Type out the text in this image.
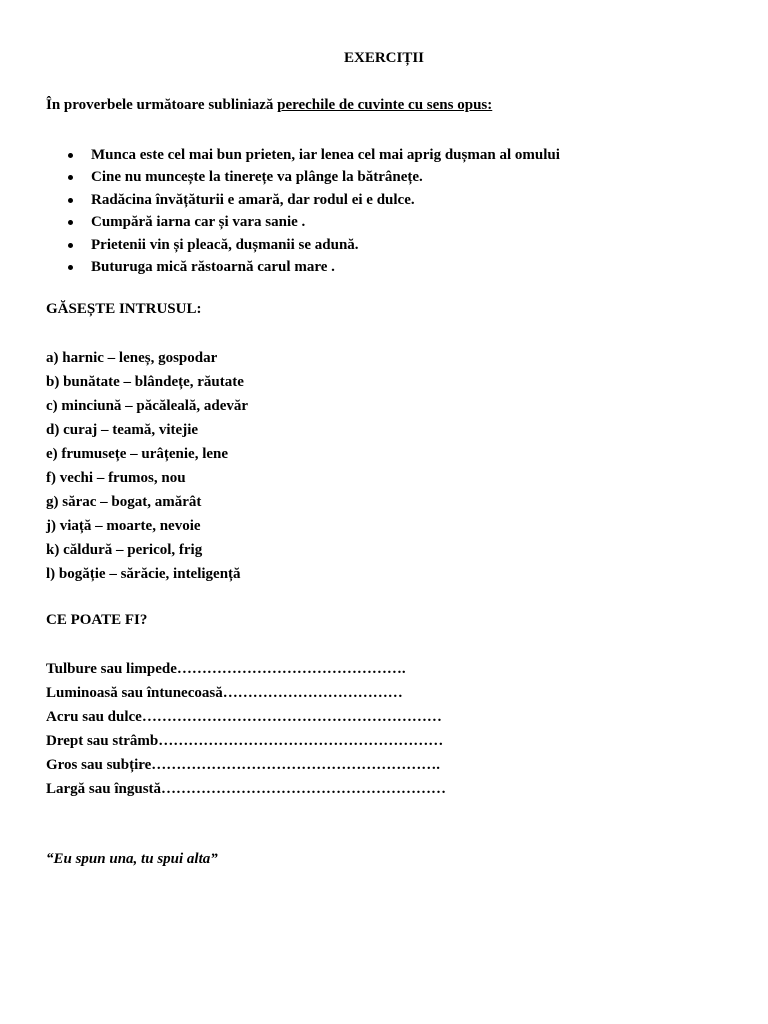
EXERCIȚII

În proverbele următoare subliniază perechile de cuvinte cu sens opus:

Munca este cel mai bun prieten, iar lenea cel mai aprig dușman al omului
Cine nu muncește la tinerețe va plânge la bătrânețe.
Radăcina învățăturii e amară, dar rodul ei e dulce.
Cumpără iarna car și vara sanie .
Prietenii vin și pleacă, dușmanii se adună.
Buturuga mică răstoarnă carul mare .

GĂSEȘTE INTRUSUL:

a) harnic – leneș, gospodar
b) bunătate – blândețe, răutate
c) minciună – păcăleală, adevăr
d) curaj – teamă, vitejie
e) frumusețe – urâțenie, lene
f) vechi – frumos, nou
g) sărac – bogat, amărât
j) viață – moarte, nevoie
k) căldură – pericol, frig
l) bogăție – sărăcie, inteligență

CE POATE FI?

Tulbure sau limpede……………………………………….
Luminoasă sau întunecoasă………………………………
Acru sau dulce……………………………………………………
Drept sau strâmb…………………………………………………
Gros sau subțire………………………………………………….
Largă sau îngustă…………………………………………………

“Eu spun una, tu spui alta”
